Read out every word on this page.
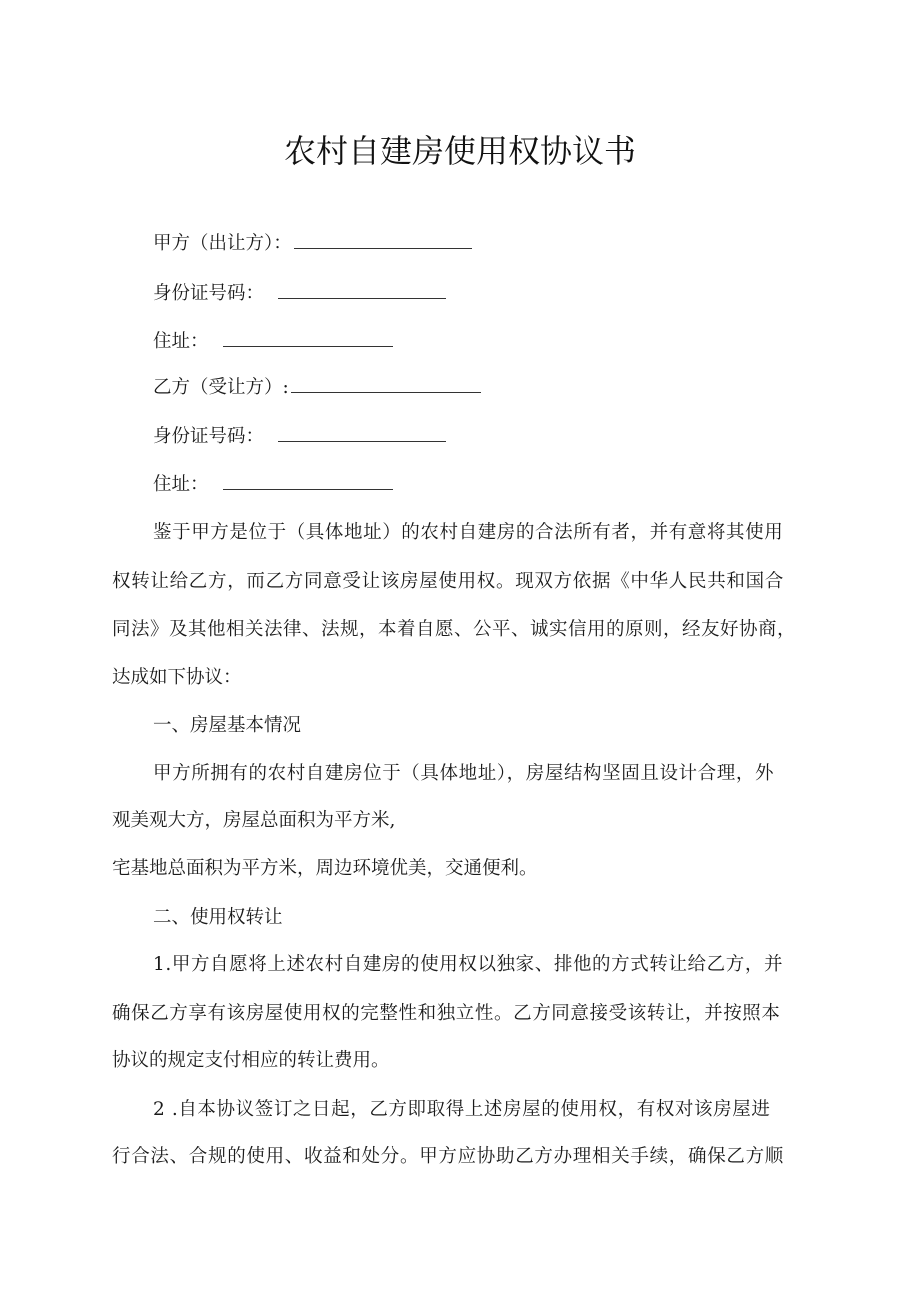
农村自建房使用权协议书
甲方（出让方）：
身份证号码：
住址：
乙方（受让方）:
身份证号码：
住址：
鉴于甲方是位于（具体地址）的农村自建房的合法所有者，并有意将其使用
权转让给乙方，而乙方同意受让该房屋使用权。现双方依据《中华人民共和国合
同法》及其他相关法律、法规，本着自愿、公平、诚实信用的原则，经友好协商，
达成如下协议：
一、房屋基本情况
甲方所拥有的农村自建房位于（具体地址），房屋结构坚固且设计合理，外
观美观大方，房屋总面积为平方米,
宅基地总面积为平方米，周边环境优美，交通便利。
二、使用权转让
1.甲方自愿将上述农村自建房的使用权以独家、排他的方式转让给乙方，并
确保乙方享有该房屋使用权的完整性和独立性。乙方同意接受该转让，并按照本
协议的规定支付相应的转让费用。
2 .自本协议签订之日起，乙方即取得上述房屋的使用权，有权对该房屋进
行合法、合规的使用、收益和处分。甲方应协助乙方办理相关手续，确保乙方顺
